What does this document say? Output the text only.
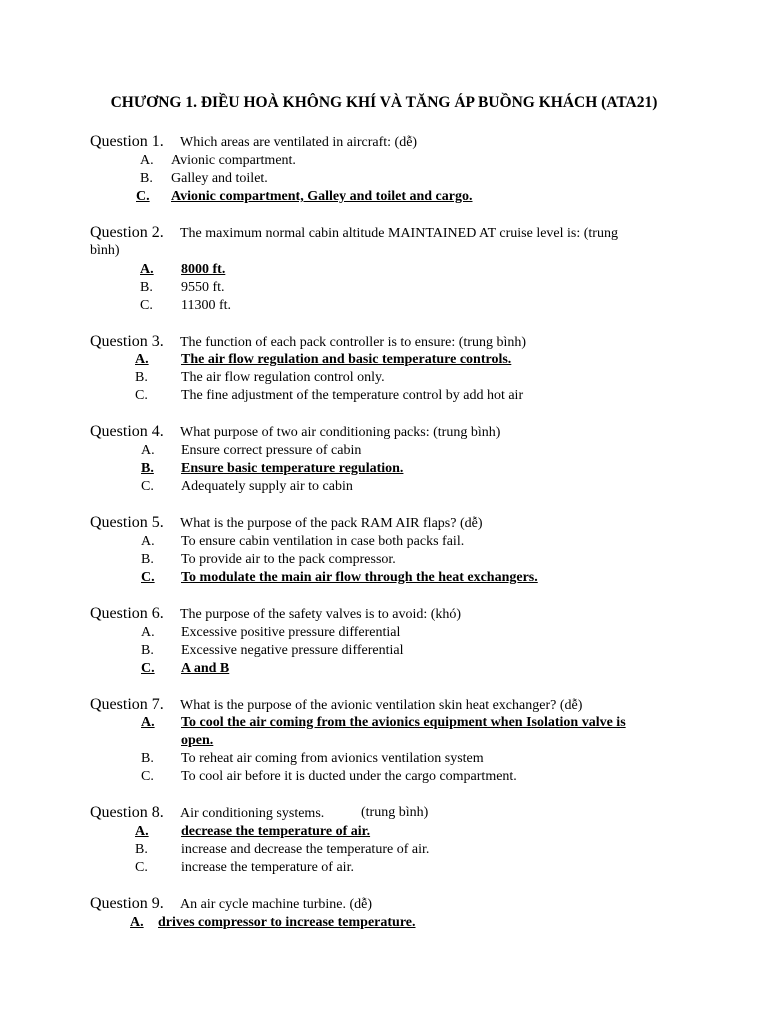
CHƯƠNG 1. ĐIỀU HOÀ KHÔNG KHÍ VÀ TĂNG ÁP BUỒNG KHÁCH (ATA21)
Question 1. Which areas are ventilated in aircraft: (dễ)
A. Avionic compartment.
B. Galley and toilet.
C. Avionic compartment, Galley and toilet and cargo.
Question 2. The maximum normal cabin altitude MAINTAINED AT cruise level is: (trung
bình)
A. 8000 ft.
B. 9550 ft.
C. 11300 ft.
Question 3. The function of each pack controller is to ensure: (trung bình)
A. The air flow regulation and basic temperature controls.
B. The air flow regulation control only.
C. The fine adjustment of the temperature control by add hot air
Question 4. What purpose of two air conditioning packs: (trung bình)
A. Ensure correct pressure of cabin
B. Ensure basic temperature regulation.
C. Adequately supply air to cabin
Question 5. What is the purpose of the pack RAM AIR flaps? (dễ)
A. To ensure cabin ventilation in case both packs fail.
B. To provide air to the pack compressor.
C. To modulate the main air flow through the heat exchangers.
Question 6. The purpose of the safety valves is to avoid: (khó)
A. Excessive positive pressure differential
B. Excessive negative pressure differential
C. A and B
Question 7. What is the purpose of the avionic ventilation skin heat exchanger? (dễ)
A. To cool the air coming from the avionics equipment when Isolation valve is
open.
B. To reheat air coming from avionics ventilation system
C. To cool air before it is ducted under the cargo compartment.
Question 8. Air conditioning systems.	(trung bình)
A. decrease the temperature of air.
B. increase and decrease the temperature of air.
C. increase the temperature of air.
Question 9. An air cycle machine turbine. (dễ)
A. drives compressor to increase temperature.
